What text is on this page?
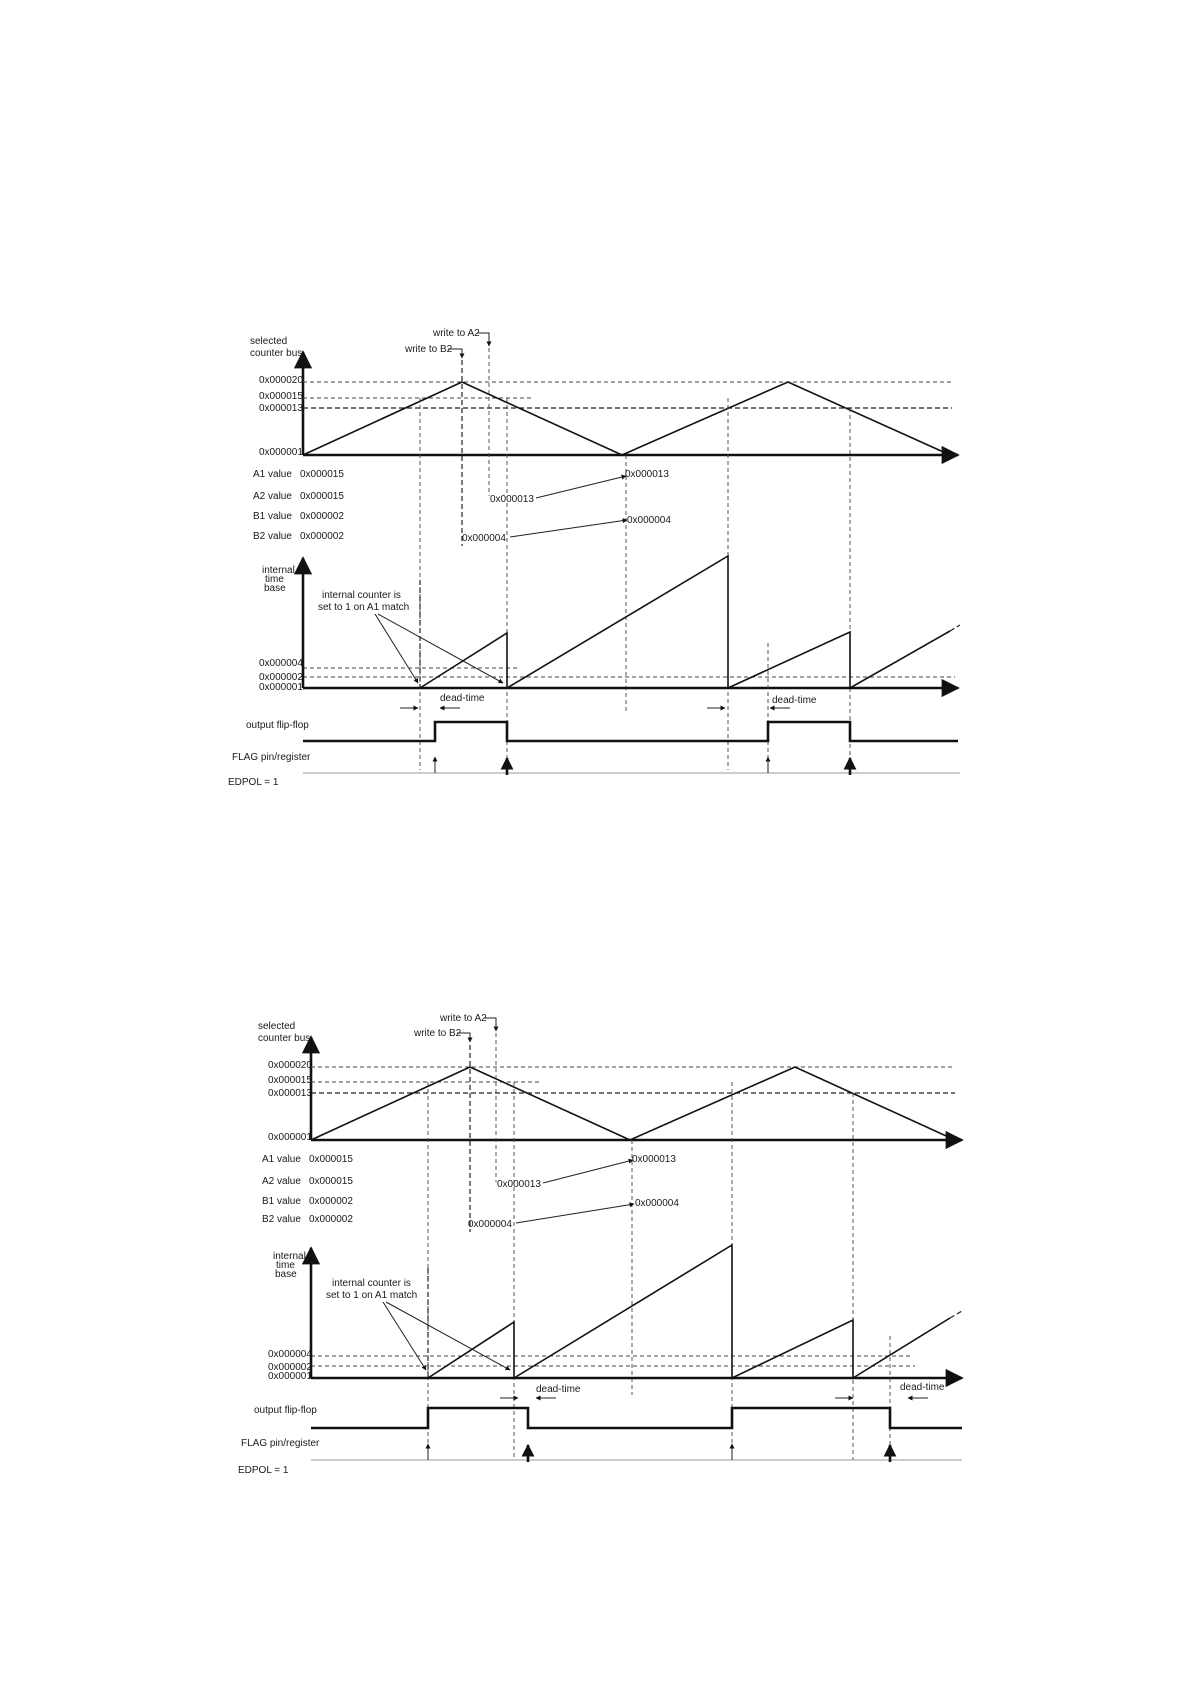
selected
counter bus
write to A2
write to B2
0x000020
0x000015
0x000013
0x000001
A1 value 0x000015
A2 value 0x000015
B1 value 0x000002
B2 value 0x000002
0x000013
0x000013
0x000004
0x000004
internal
time
base
internal counter is
set to 1 on A1 match
0x000004
0x000002
0x000001
dead-time	dead-time
output flip-flop
FLAG pin/register
EDPOL = 1
selected
counter bus
write to A2
write to B2
0x000020
0x000015
0x000013
0x000001
A1 value 0x000015
A2 value 0x000015
B1 value 0x000002
B2 value 0x000002
0x000013
0x000013
0x000004
0x000004
internal
time
base
internal counter is
set to 1 on A1 match
0x000004
0x000002
0x000001
dead-time	dead-time
output flip-flop
FLAG pin/register
EDPOL = 1
